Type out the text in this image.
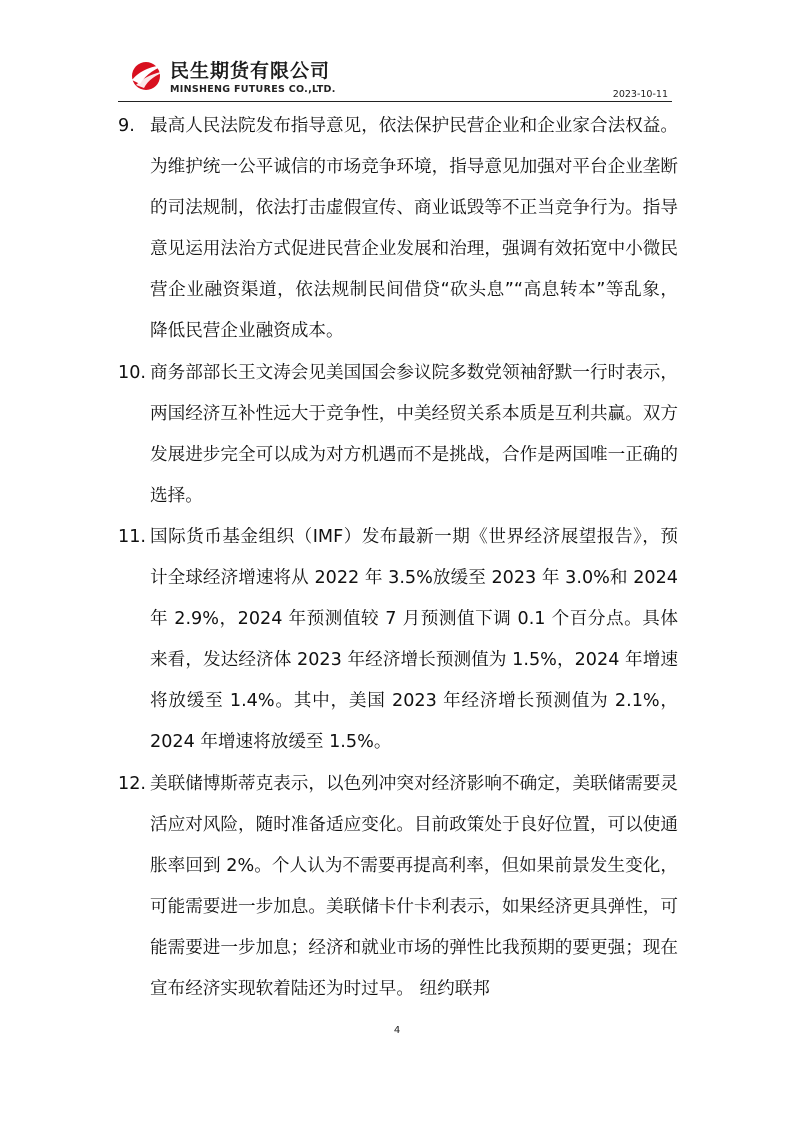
民生期货有限公司
MINSHENG FUTURES CO.,LTD.	2023-10-11
9. 最高人民法院发布指导意见，依法保护民营企业和企业家合法权益。为维护统一公平诚信的市场竞争环境，指导意见加强对平台企业垄断的司法规制，依法打击虚假宣传、商业诋毁等不正当竞争行为。指导意见运用法治方式促进民营企业发展和治理，强调有效拓宽中小微民营企业融资渠道，依法规制民间借贷“砍头息”“高息转本”等乱象，降低民营企业融资成本。

10. 商务部部长王文涛会见美国国会参议院多数党领袖舒默一行时表示，两国经济互补性远大于竞争性，中美经贸关系本质是互利共赢。双方发展进步完全可以成为对方机遇而不是挑战，合作是两国唯一正确的选择。

11. 国际货币基金组织（IMF）发布最新一期《世界经济展望报告》，预计全球经济增速将从 2022 年 3.5%放缓至 2023 年 3.0%和 2024 年 2.9%，2024 年预测值较 7 月预测值下调 0.1 个百分点。具体来看，发达经济体 2023 年经济增长预测值为 1.5%，2024 年增速将放缓至 1.4%。其中，美国 2023 年经济增长预测值为 2.1%，2024 年增速将放缓至 1.5%。

12. 美联储博斯蒂克表示，以色列冲突对经济影响不确定，美联储需要灵活应对风险，随时准备适应变化。目前政策处于良好位置，可以使通胀率回到 2%。个人认为不需要再提高利率，但如果前景发生变化，可能需要进一步加息。美联储卡什卡利表示，如果经济更具弹性，可能需要进一步加息；经济和就业市场的弹性比我预期的要更强；现在宣布经济实现软着陆还为时过早。 纽约联邦

4
